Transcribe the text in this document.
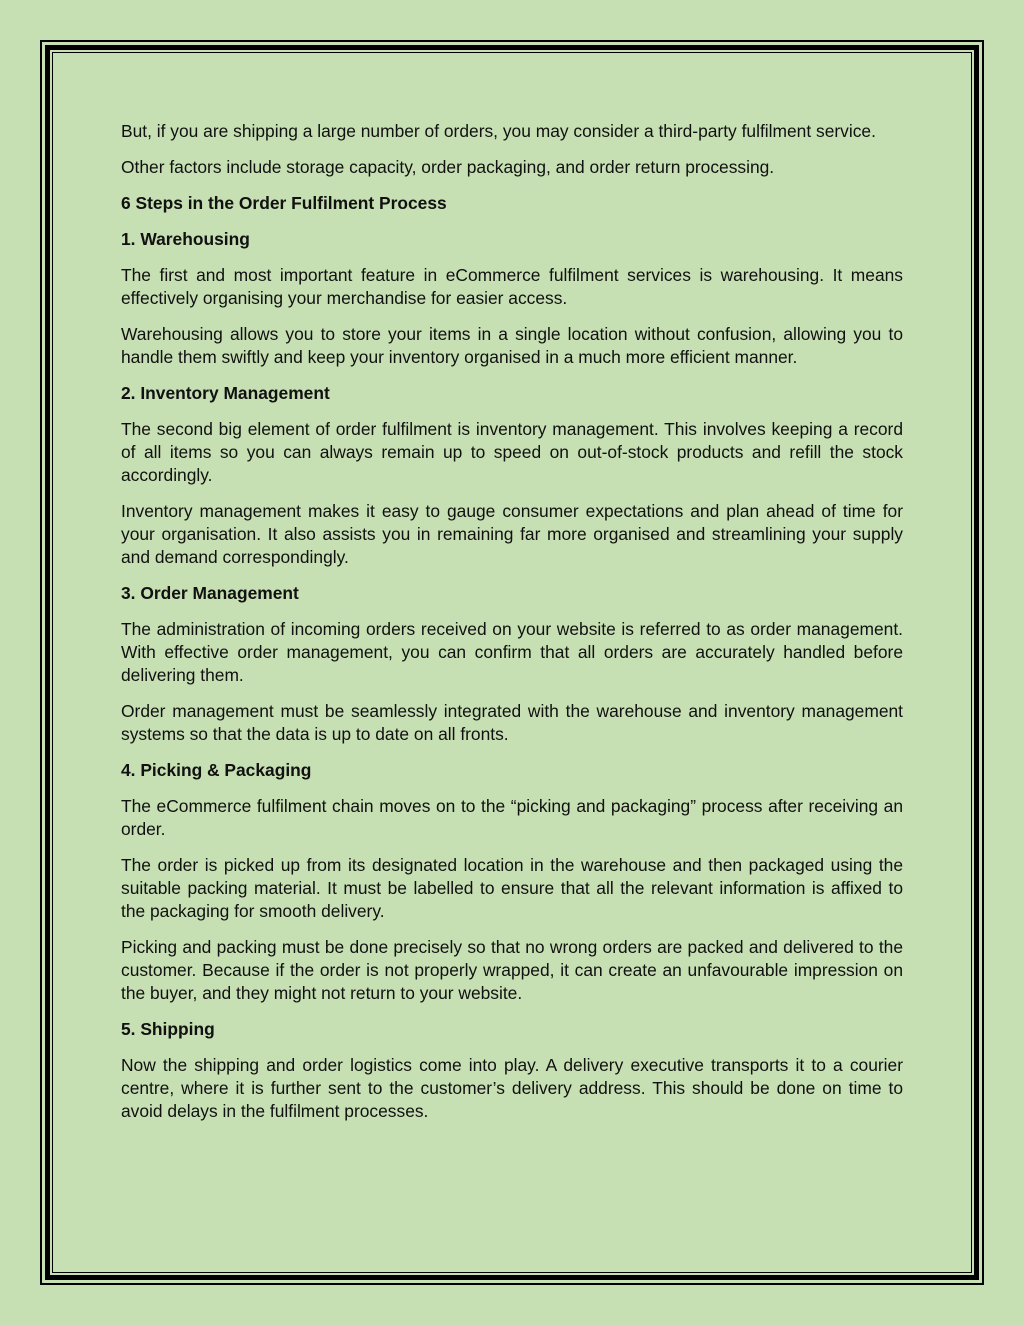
But, if you are shipping a large number of orders, you may consider a third-party fulfilment service.

Other factors include storage capacity, order packaging, and order return processing.

6 Steps in the Order Fulfilment Process
1. Warehousing

The first and most important feature in eCommerce fulfilment services is warehousing. It means effectively organising your merchandise for easier access.

Warehousing allows you to store your items in a single location without confusion, allowing you to handle them swiftly and keep your inventory organised in a much more efficient manner.

2. Inventory Management

The second big element of order fulfilment is inventory management. This involves keeping a record of all items so you can always remain up to speed on out-of-stock products and refill the stock accordingly.

Inventory management makes it easy to gauge consumer expectations and plan ahead of time for your organisation. It also assists you in remaining far more organised and streamlining your supply and demand correspondingly.

3. Order Management

The administration of incoming orders received on your website is referred to as order management. With effective order management, you can confirm that all orders are accurately handled before delivering them.

Order management must be seamlessly integrated with the warehouse and inventory management systems so that the data is up to date on all fronts.

4. Picking & Packaging

The eCommerce fulfilment chain moves on to the “picking and packaging” process after receiving an order.

The order is picked up from its designated location in the warehouse and then packaged using the suitable packing material. It must be labelled to ensure that all the relevant information is affixed to the packaging for smooth delivery.

Picking and packing must be done precisely so that no wrong orders are packed and delivered to the customer. Because if the order is not properly wrapped, it can create an unfavourable impression on the buyer, and they might not return to your website.

5. Shipping

Now the shipping and order logistics come into play. A delivery executive transports it to a courier centre, where it is further sent to the customer’s delivery address. This should be done on time to avoid delays in the fulfilment processes.
